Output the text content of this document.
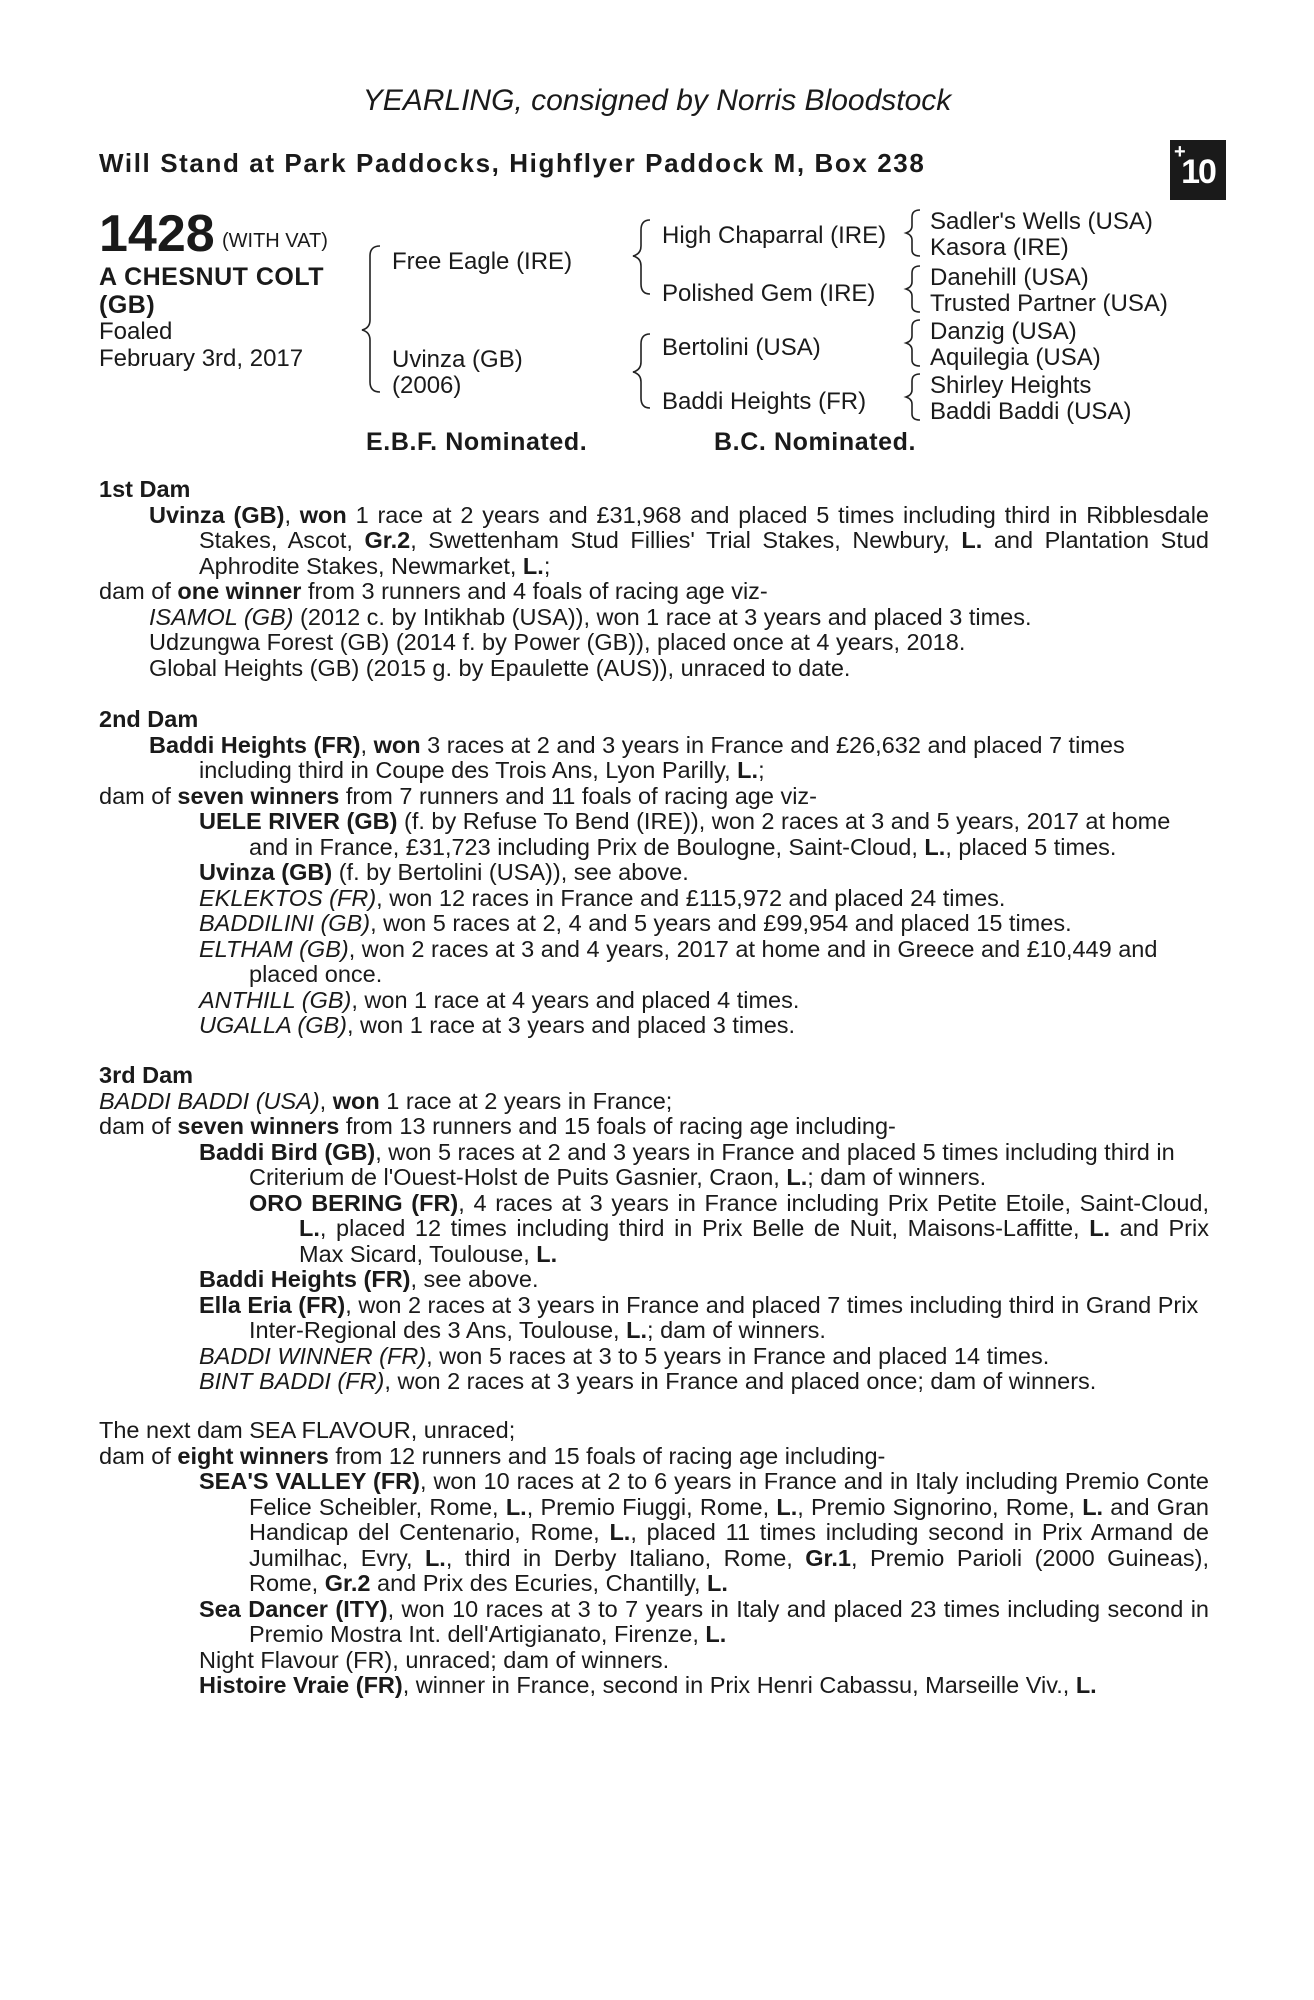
YEARLING, consigned by Norris Bloodstock
Will Stand at Park Paddocks, Highflyer Paddock M, Box 238	+
10
1428 (WITH VAT)
A CHESNUT COLT
(GB)
Foaled
February 3rd, 2017
Free Eagle (IRE)
Uvinza (GB)
(2006)
High Chaparral (IRE)
Polished Gem (IRE)
Bertolini (USA)
Baddi Heights (FR)
Sadler's Wells (USA)
Kasora (IRE)
Danehill (USA)
Trusted Partner (USA)
Danzig (USA)
Aquilegia (USA)
Shirley Heights
Baddi Baddi (USA)
E.B.F. Nominated.	B.C. Nominated.

1st Dam

Uvinza (GB), won 1 race at 2 years and £31,968 and placed 5 times including third in Ribblesdale Stakes, Ascot, Gr.2, Swettenham Stud Fillies' Trial Stakes, Newbury, L. and Plantation Stud Aphrodite Stakes, Newmarket, L.;

dam of one winner from 3 runners and 4 foals of racing age viz-

ISAMOL (GB) (2012 c. by Intikhab (USA)), won 1 race at 3 years and placed 3 times.

Udzungwa Forest (GB) (2014 f. by Power (GB)), placed once at 4 years, 2018.

Global Heights (GB) (2015 g. by Epaulette (AUS)), unraced to date.

2nd Dam

Baddi Heights (FR), won 3 races at 2 and 3 years in France and £26,632 and placed 7 times including third in Coupe des Trois Ans, Lyon Parilly, L.;

dam of seven winners from 7 runners and 11 foals of racing age viz-

UELE RIVER (GB) (f. by Refuse To Bend (IRE)), won 2 races at 3 and 5 years, 2017 at home and in France, £31,723 including Prix de Boulogne, Saint-Cloud, L., placed 5 times.

Uvinza (GB) (f. by Bertolini (USA)), see above.

EKLEKTOS (FR), won 12 races in France and £115,972 and placed 24 times.

BADDILINI (GB), won 5 races at 2, 4 and 5 years and £99,954 and placed 15 times.

ELTHAM (GB), won 2 races at 3 and 4 years, 2017 at home and in Greece and £10,449 and placed once.

ANTHILL (GB), won 1 race at 4 years and placed 4 times.

UGALLA (GB), won 1 race at 3 years and placed 3 times.

3rd Dam

BADDI BADDI (USA), won 1 race at 2 years in France;

dam of seven winners from 13 runners and 15 foals of racing age including-

Baddi Bird (GB), won 5 races at 2 and 3 years in France and placed 5 times including third in Criterium de l'Ouest-Holst de Puits Gasnier, Craon, L.; dam of winners.

ORO BERING (FR), 4 races at 3 years in France including Prix Petite Etoile, Saint-Cloud, L., placed 12 times including third in Prix Belle de Nuit, Maisons-Laffitte, L. and Prix Max Sicard, Toulouse, L.

Baddi Heights (FR), see above.

Ella Eria (FR), won 2 races at 3 years in France and placed 7 times including third in Grand Prix Inter-Regional des 3 Ans, Toulouse, L.; dam of winners.

BADDI WINNER (FR), won 5 races at 3 to 5 years in France and placed 14 times.

BINT BADDI (FR), won 2 races at 3 years in France and placed once; dam of winners.

The next dam SEA FLAVOUR, unraced;

dam of eight winners from 12 runners and 15 foals of racing age including-

SEA'S VALLEY (FR), won 10 races at 2 to 6 years in France and in Italy including Premio Conte Felice Scheibler, Rome, L., Premio Fiuggi, Rome, L., Premio Signorino, Rome, L. and Gran Handicap del Centenario, Rome, L., placed 11 times including second in Prix Armand de Jumilhac, Evry, L., third in Derby Italiano, Rome, Gr.1, Premio Parioli (2000 Guineas), Rome, Gr.2 and Prix des Ecuries, Chantilly, L.

Sea Dancer (ITY), won 10 races at 3 to 7 years in Italy and placed 23 times including second in Premio Mostra Int. dell'Artigianato, Firenze, L.

Night Flavour (FR), unraced; dam of winners.

Histoire Vraie (FR), winner in France, second in Prix Henri Cabassu, Marseille Viv., L.
